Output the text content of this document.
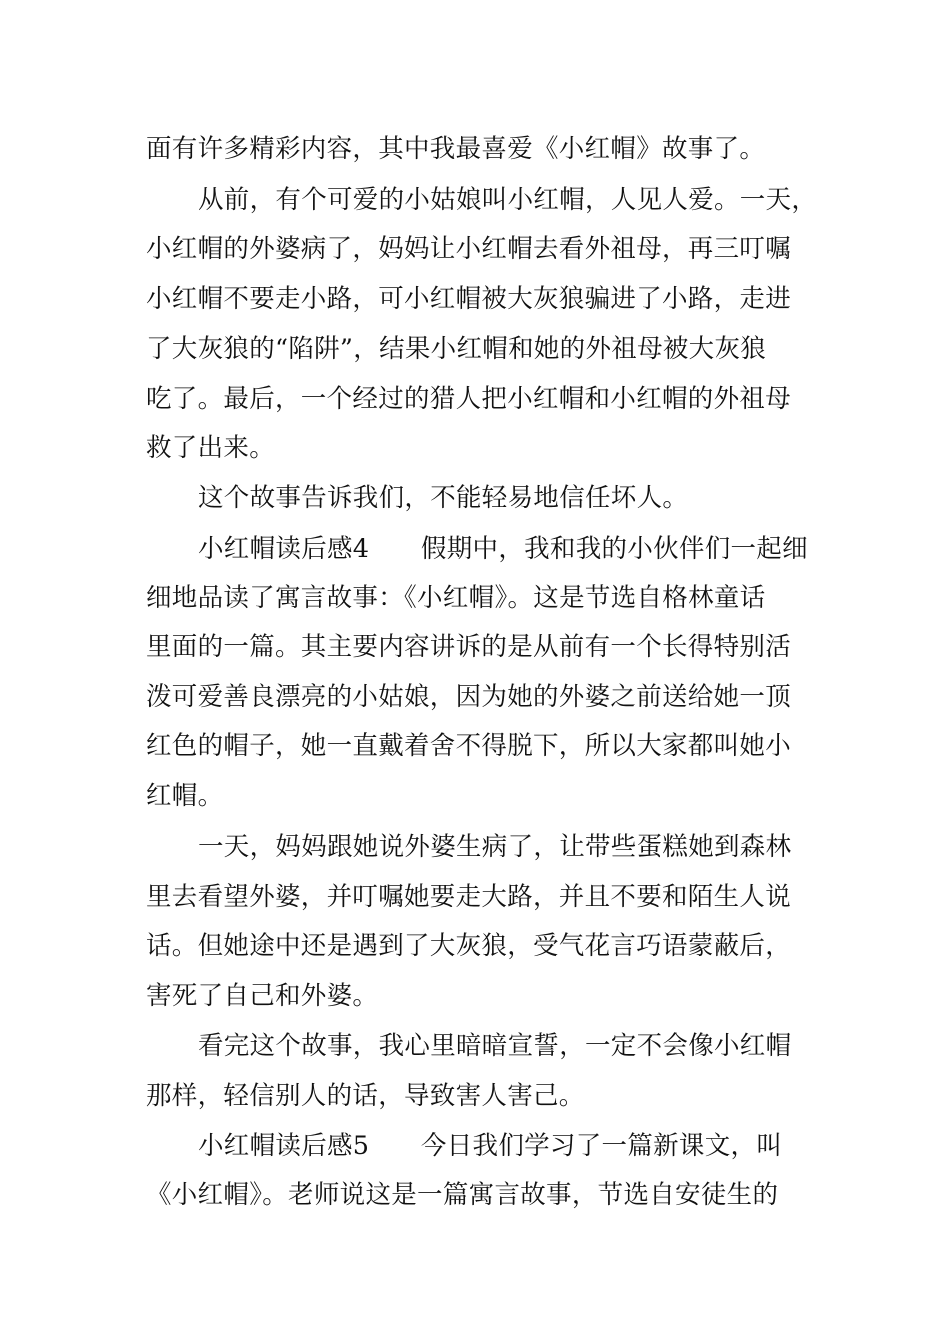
面有许多精彩内容，其中我最喜爱《小红帽》故事了。
从前，有个可爱的小姑娘叫小红帽，人见人爱。一天，
小红帽的外婆病了，妈妈让小红帽去看外祖母，再三叮嘱
小红帽不要走小路，可小红帽被大灰狼骗进了小路，走进
了大灰狼的“陷阱”，结果小红帽和她的外祖母被大灰狼
吃了。最后，一个经过的猎人把小红帽和小红帽的外祖母
救了出来。
这个故事告诉我们，不能轻易地信任坏人。
小红帽读后感4　　假期中，我和我的小伙伴们一起细
细地品读了寓言故事：《小红帽》。这是节选自格林童话
里面的一篇。其主要内容讲诉的是从前有一个长得特别活
泼可爱善良漂亮的小姑娘，因为她的外婆之前送给她一顶
红色的帽子，她一直戴着舍不得脱下，所以大家都叫她小
红帽。
一天，妈妈跟她说外婆生病了，让带些蛋糕她到森林
里去看望外婆，并叮嘱她要走大路，并且不要和陌生人说
话。但她途中还是遇到了大灰狼，受气花言巧语蒙蔽后，
害死了自己和外婆。
看完这个故事，我心里暗暗宣誓，一定不会像小红帽
那样，轻信别人的话，导致害人害己。
小红帽读后感5　　今日我们学习了一篇新课文，叫
《小红帽》。老师说这是一篇寓言故事，节选自安徒生的
